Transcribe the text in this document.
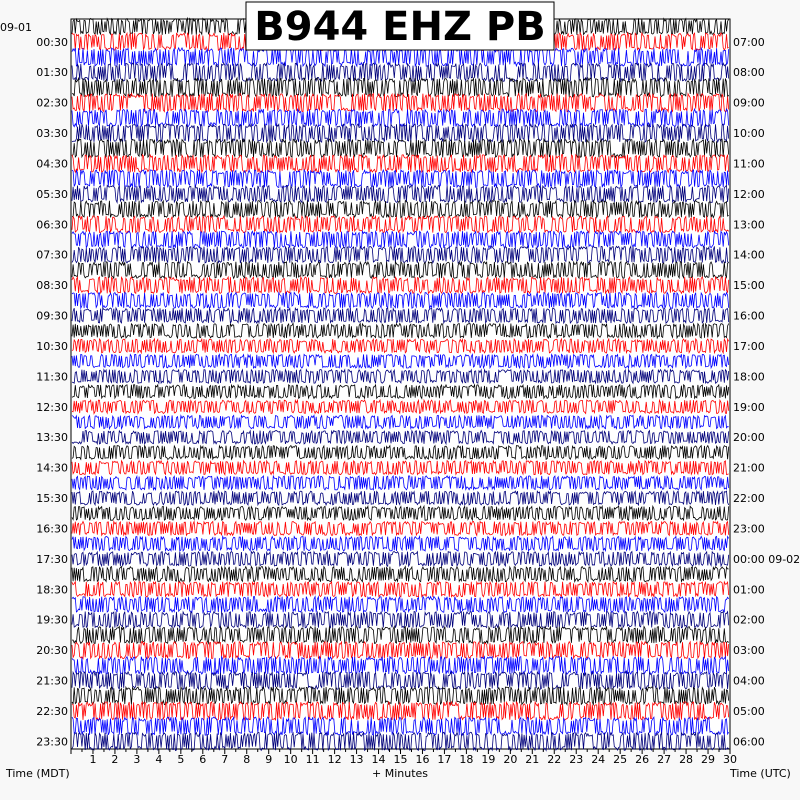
1 2 3 4 5 6 7 8 9 10 11 12 13 14 15 16 17 18 19 20 21 22 23 24 25 26 27 28 29 30
00:30
01:30
02:30
03:30
04:30
05:30
06:30
07:30
08:30
09:30
10:30
11:30
12:30
13:30
14:30
15:30
16:30
17:30
18:30
19:30
20:30
21:30
22:30
23:30
07:00
08:00
09:00
10:00
11:00
12:00
13:00
14:00
15:00
16:00
17:00
18:00
19:00
20:00
21:00
22:00
23:00
00:00 09-02
01:00
02:00
03:00
04:00
05:00
06:00
B944 EHZ PB
09-01
Time (MDT)	+ Minutes	Time (UTC)
